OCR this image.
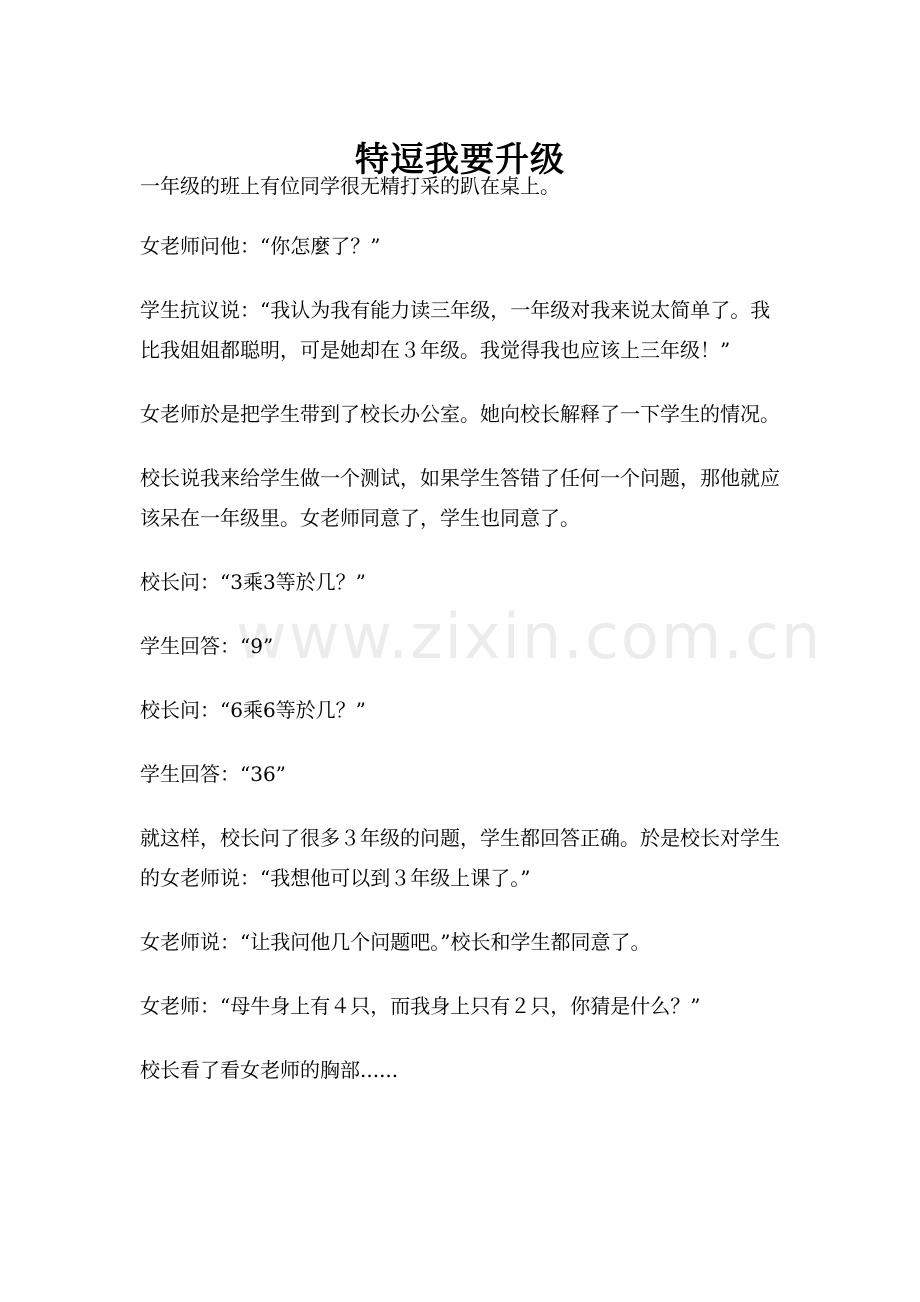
www.zixin.com.cn
特逗我要升级

一年级的班上有位同学很无精打采的趴在桌上。

女老师问他：“你怎麼了？”

学生抗议说：“我认为我有能力读三年级，一年级对我来说太简单了。我比我姐姐都聪明，可是她却在３年级。我觉得我也应该上三年级！”

女老师於是把学生带到了校长办公室。她向校长解释了一下学生的情况。

校长说我来给学生做一个测试，如果学生答错了任何一个问题，那他就应该呆在一年级里。女老师同意了，学生也同意了。

校长问：“3乘3等於几？”

学生回答：“9”

校长问：“6乘6等於几？”

学生回答：“36”

就这样，校长问了很多３年级的问题，学生都回答正确。於是校长对学生的女老师说：“我想他可以到３年级上课了。”

女老师说：“让我问他几个问题吧。”校长和学生都同意了。

女老师：“母牛身上有４只，而我身上只有２只，你猜是什么？”

校长看了看女老师的胸部......
